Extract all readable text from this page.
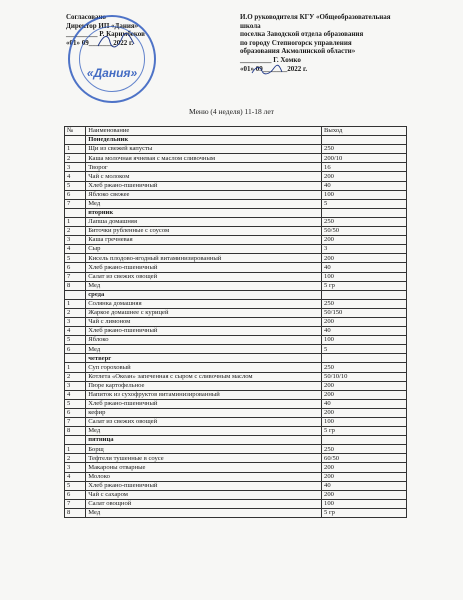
Согласовано
Директор ИП «Дания»
_________ Р. Каримбеков
«01» 09_______2022 г.
«Дания»
И.О руководителя КГУ «Общеобразовательная
школа
поселка Заводской отдела образования
по городу Степногорск управления
образования Акмолинской области»
_________ Г. Хомко
«01» 09_______2022 г.
Меню (4 неделя) 11-18 лет
№	Наименование	Выход
	Понедельник	
1	Щи из свежей капусты	250
2	Каша молочная ячневая с маслом сливочным	200/10
3	Творог	16
4	Чай с молоком	200
5	Хлеб ржано-пшеничный	40
6	Яблоко свежее	100
7	Мед	5
	вторник	
1	Лапша домашняя	250
2	Биточки рубленные с соусом	50/50
3	Каша гречневая	200
4	Сыр	3
5	Кисель плодово-ягодный витаминизированный	200
6	Хлеб ржано-пшеничный	40
7	Салат из свежих овощей	100
8	Мед	5 гр
	среда	
1	Солянка домашняя	250
2	Жаркое домашнее с курицей	50/150
3	Чай с лимоном	200
4	Хлеб ржано-пшеничный	40
5	Яблоко	100
6	Мед	5
	четверг	
1	Суп гороховый	250
2	Котлета «Океан» запеченная с сыром с сливочным маслом	50/10/10
3	Пюре картофельное	200
4	Напиток из сухофруктов витаминизированный	200
5	Хлеб ржано-пшеничный	40
6	кефир	200
7	Салат из свежих овощей	100
8	Мед	5 гр
	пятница	
1	Борщ	250
2	Тефтели тушенные в соусе	60/50
3	Макароны отварные	200
4	Молоко	200
5	Хлеб ржано-пшеничный	40
6	Чай с сахаром	200
7	Салат овощной	100
8	Мед	5 гр
